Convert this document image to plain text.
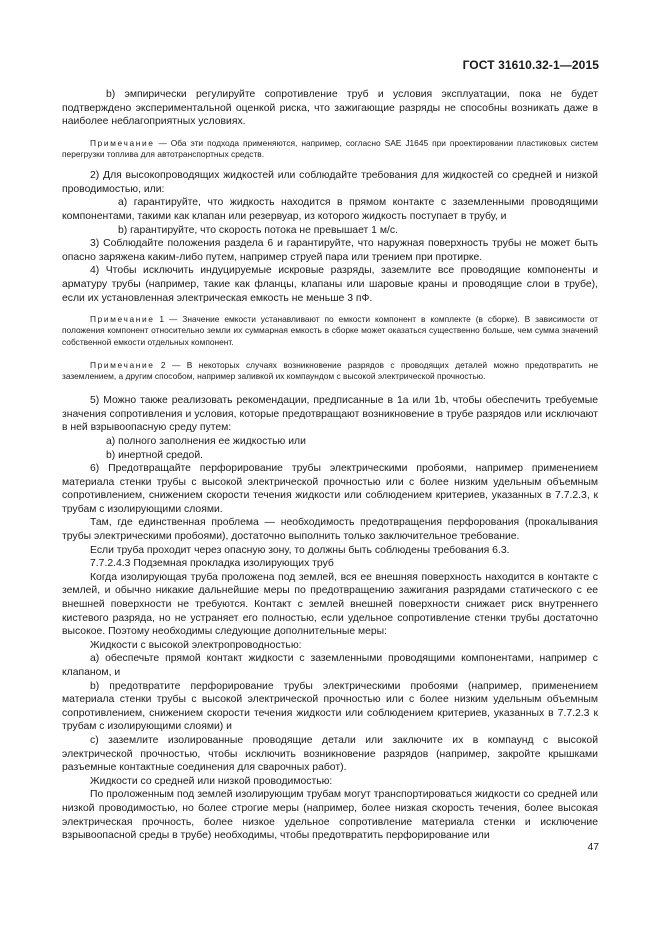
ГОСТ 31610.32-1—2015

b) эмпирически регулируйте сопротивление труб и условия эксплуатации, пока не будет подтверждено экспериментальной оценкой риска, что зажигающие разряды не способны возникать даже в наиболее неблагоприятных условиях.

Примечание — Оба эти подхода применяются, например, согласно SAE J1645 при проектировании пластиковых систем перегрузки топлива для автотранспортных средств.

2) Для высокопроводящих жидкостей или соблюдайте требования для жидкостей со средней и низкой проводимостью, или:

а) гарантируйте, что жидкость находится в прямом контакте с заземленными проводящими компонентами, такими как клапан или резервуар, из которого жидкость поступает в трубу, и

b) гарантируйте, что скорость потока не превышает 1 м/с.

3) Соблюдайте положения раздела 6 и гарантируйте, что наружная поверхность трубы не может быть опасно заряжена каким-либо путем, например струей пара или трением при протирке.

4) Чтобы исключить индуцируемые искровые разряды, заземлите все проводящие компоненты и арматуру трубы (например, такие как фланцы, клапаны или шаровые краны и проводящие слои в трубе), если их установленная электрическая емкость не меньше 3 пФ.

Примечание 1 — Значение емкости устанавливают по емкости компонент в комплекте (в сборке). В зависимости от положения компонент относительно земли их суммарная емкость в сборке может оказаться существенно больше, чем сумма значений собственной емкости отдельных компонент.

Примечание 2 — В некоторых случаях возникновение разрядов с проводящих деталей можно предотвратить не заземлением, а другим способом, например заливкой их компаундом с высокой электрической прочностью.

5) Можно также реализовать рекомендации, предписанные в 1а или 1b, чтобы обеспечить требуемые значения сопротивления и условия, которые предотвращают возникновение в трубе разрядов или исключают в ней взрывоопасную среду путем:

а) полного заполнения ее жидкостью или

b) инертной средой.

6) Предотвращайте перфорирование трубы электрическими пробоями, например применением материала стенки трубы с высокой электрической прочностью или с более низким удельным объемным сопротивлением, снижением скорости течения жидкости или соблюдением критериев, указанных в 7.7.2.3, к трубам с изолирующими слоями.

Там, где единственная проблема — необходимость предотвращения перфорования (прокалывания трубы электрическими пробоями), достаточно выполнить только заключительное требование.

Если труба проходит через опасную зону, то должны быть соблюдены требования 6.3.

7.7.2.4.3 Подземная прокладка изолирующих труб

Когда изолирующая труба проложена под землей, вся ее внешняя поверхность находится в контакте с землей, и обычно никакие дальнейшие меры по предотвращению зажигания разрядами статического с ее внешней поверхности не требуются. Контакт с землей внешней поверхности снижает риск внутреннего кистевого разряда, но не устраняет его полностью, если удельное сопротивление стенки трубы достаточно высокое. Поэтому необходимы следующие дополнительные меры:

Жидкости с высокой электропроводностью:

а) обеспечьте прямой контакт жидкости с заземленными проводящими компонентами, например с клапаном, и

b) предотвратите перфорирование трубы электрическими пробоями (например, применением материала стенки трубы с высокой электрической прочностью или с более низким удельным объемным сопротивлением, снижением скорости течения жидкости или соблюдением критериев, указанных в 7.7.2.3 к трубам с изолирующими слоями) и

с) заземлите изолированные проводящие детали или заключите их в компаунд с высокой электрической прочностью, чтобы исключить возникновение разрядов (например, закройте крышками разъемные контактные соединения для сварочных работ).

Жидкости со средней или низкой проводимостью:

По проложенным под землей изолирующим трубам могут транспортироваться жидкости со средней или низкой проводимостью, но более строгие меры (например, более низкая скорость течения, более высокая электрическая прочность, более низкое удельное сопротивление материала стенки и исключение взрывоопасной среды в трубе) необходимы, чтобы предотвратить перфорирование или

47
